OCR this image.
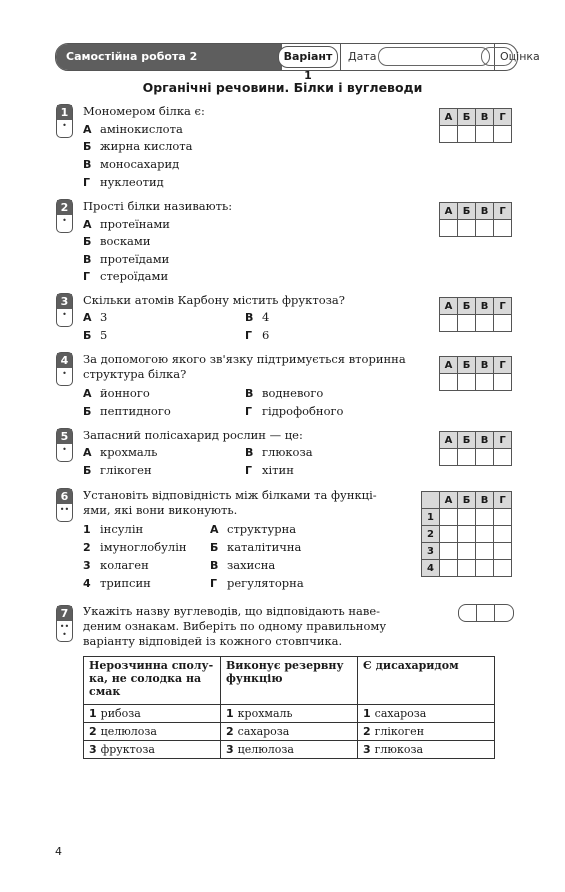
Самостійна робота 2	Варіант 1
Дата	Оцінка
Органічні речовини. Білки і вуглеводи
1
•
Мономером білка є:
А амінокислота
Б жирна кислота
В моносахарид
Г нуклеотид
А	Б	В	Г

2
•
Прості білки називають:
А протеїнами
Б восками
В протеїдами
Г стероїдами
А	Б	В	Г

3
•
Скільки атомів Карбону містить фруктоза?
А 3	В 4
Б 5	Г 6
А	Б	В	Г

4
•
За допомогою якого зв'язку підтримується вторинна
структура білка?
А йонного	В водневого
Б пептидного	Г гідрофобного
А	Б	В	Г

5
•
Запасний полісахарид рослин — це:
А крохмаль	В глюкоза
Б глікоген	Г хітин
А	Б	В	Г

6
••
Установіть відповідність між білками та функці-
ями, які вони виконують.
1 інсулін
2 імуноглобулін
3 колаген
4 трипсин
А структурна
Б каталітична
В захисна
Г регуляторна
	А	Б	В	Г
1				
2				
3				
4				
7
•• •
Укажіть назву вуглеводів, що відповідають наве-
деним ознакам. Виберіть по одному правильному
варіанту відповідей із кожного стовпчика.
Нерозчинна сполу-ка, не солодка на смак	Виконує резервну функцію	Є дисахаридом
1 рибоза	1 крохмаль	1 сахароза
2 целюлоза	2 сахароза	2 глікоген
3 фруктоза	3 целюлоза	3 глюкоза
4
